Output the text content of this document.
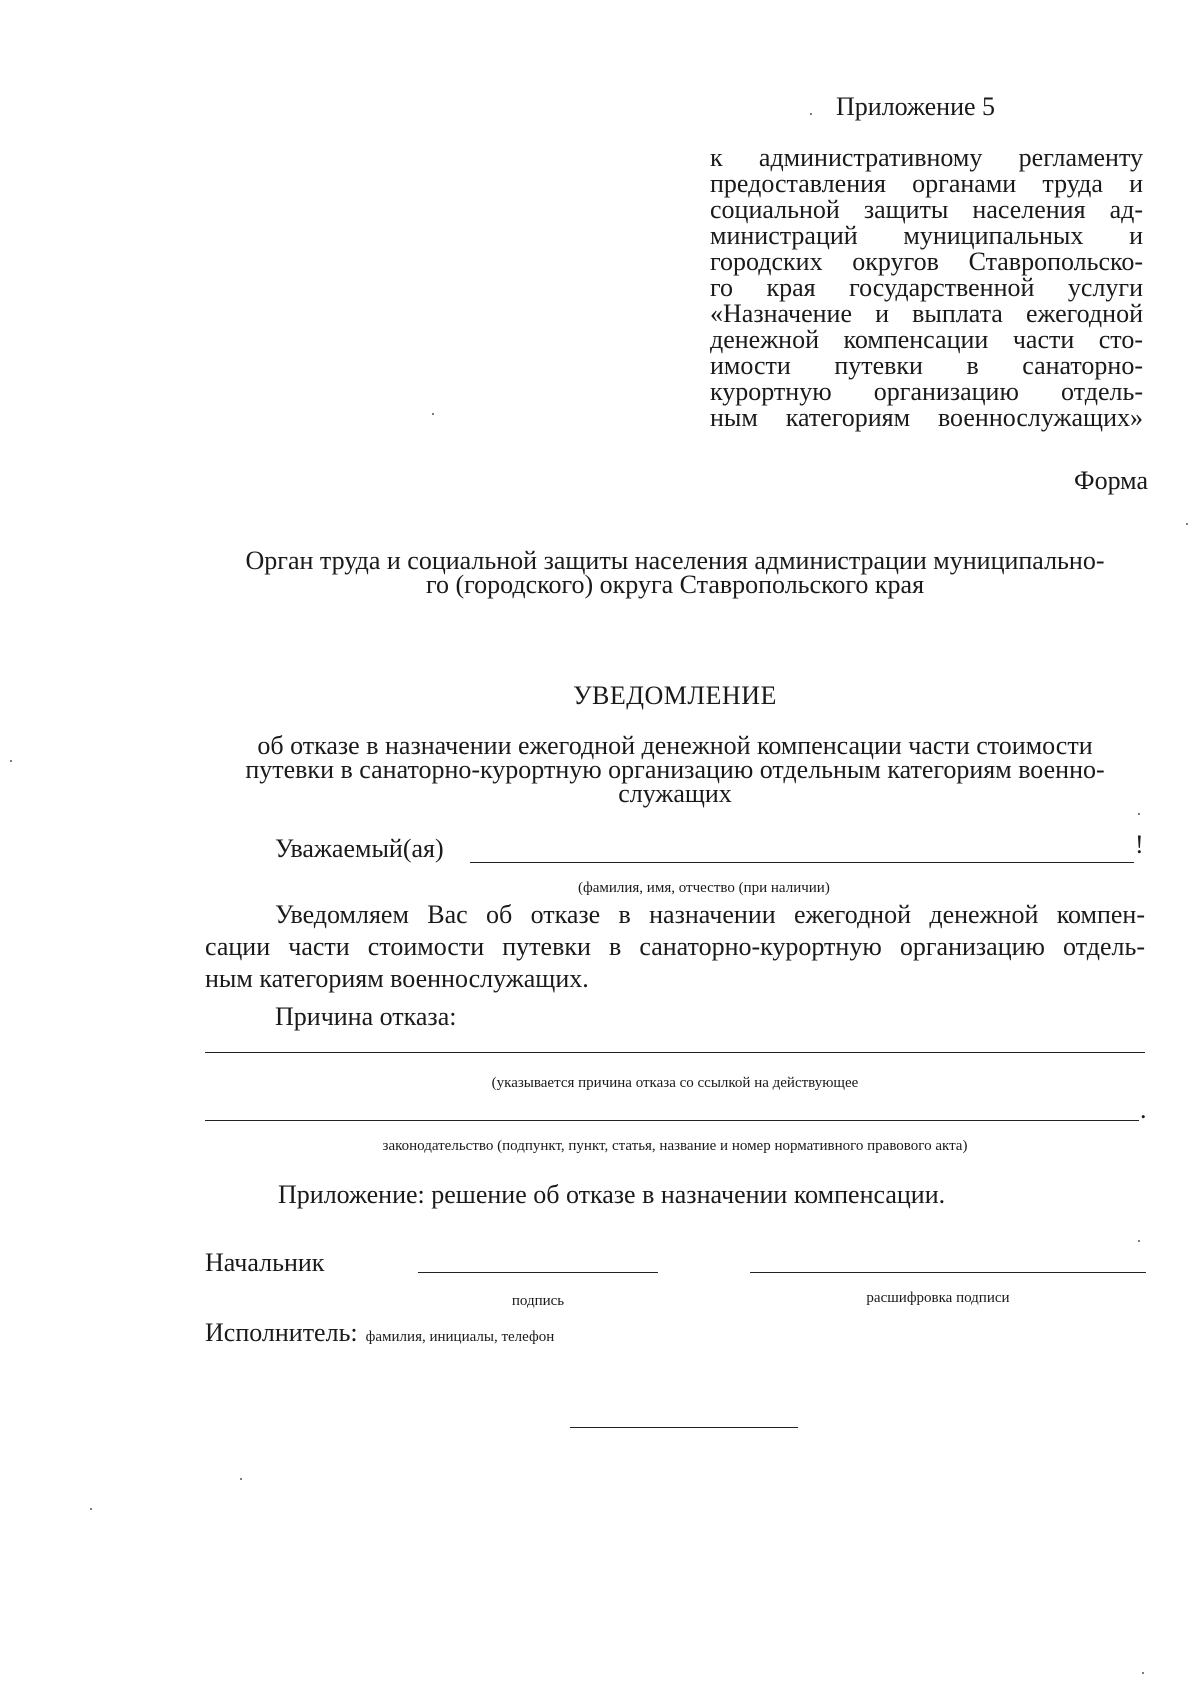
Приложение 5
к административному регламенту
предоставления органами труда и
социальной защиты населения ад-
министраций муниципальных и
городских округов Ставропольско-
го края государственной услуги
«Назначение и выплата ежегодной
денежной компенсации части сто-
имости путевки в санаторно-
курортную организацию отдель-
ным категориям военнослужащих»
Форма
Орган труда и социальной защиты населения администрации муниципально-
го (городского) округа Ставропольского края
УВЕДОМЛЕНИЕ
об отказе в назначении ежегодной денежной компенсации части стоимости
путевки в санаторно-курортную организацию отдельным категориям военно-
служащих
Уважаемый(ая)	!
(фамилия, имя, отчество (при наличии)
Уведомляем Вас об отказе в назначении ежегодной денежной компен-
сации части стоимости путевки в санаторно-курортную организацию отдель-
ным категориям военнослужащих.
Причина отказа:
(указывается причина отказа со ссылкой на действующее
.
законодательство (подпункт, пункт, статья, название и номер нормативного правового акта)
Приложение: решение об отказе в назначении компенсации.
Начальник
подпись	расшифровка подписи
Исполнитель: фамилия, инициалы, телефон
